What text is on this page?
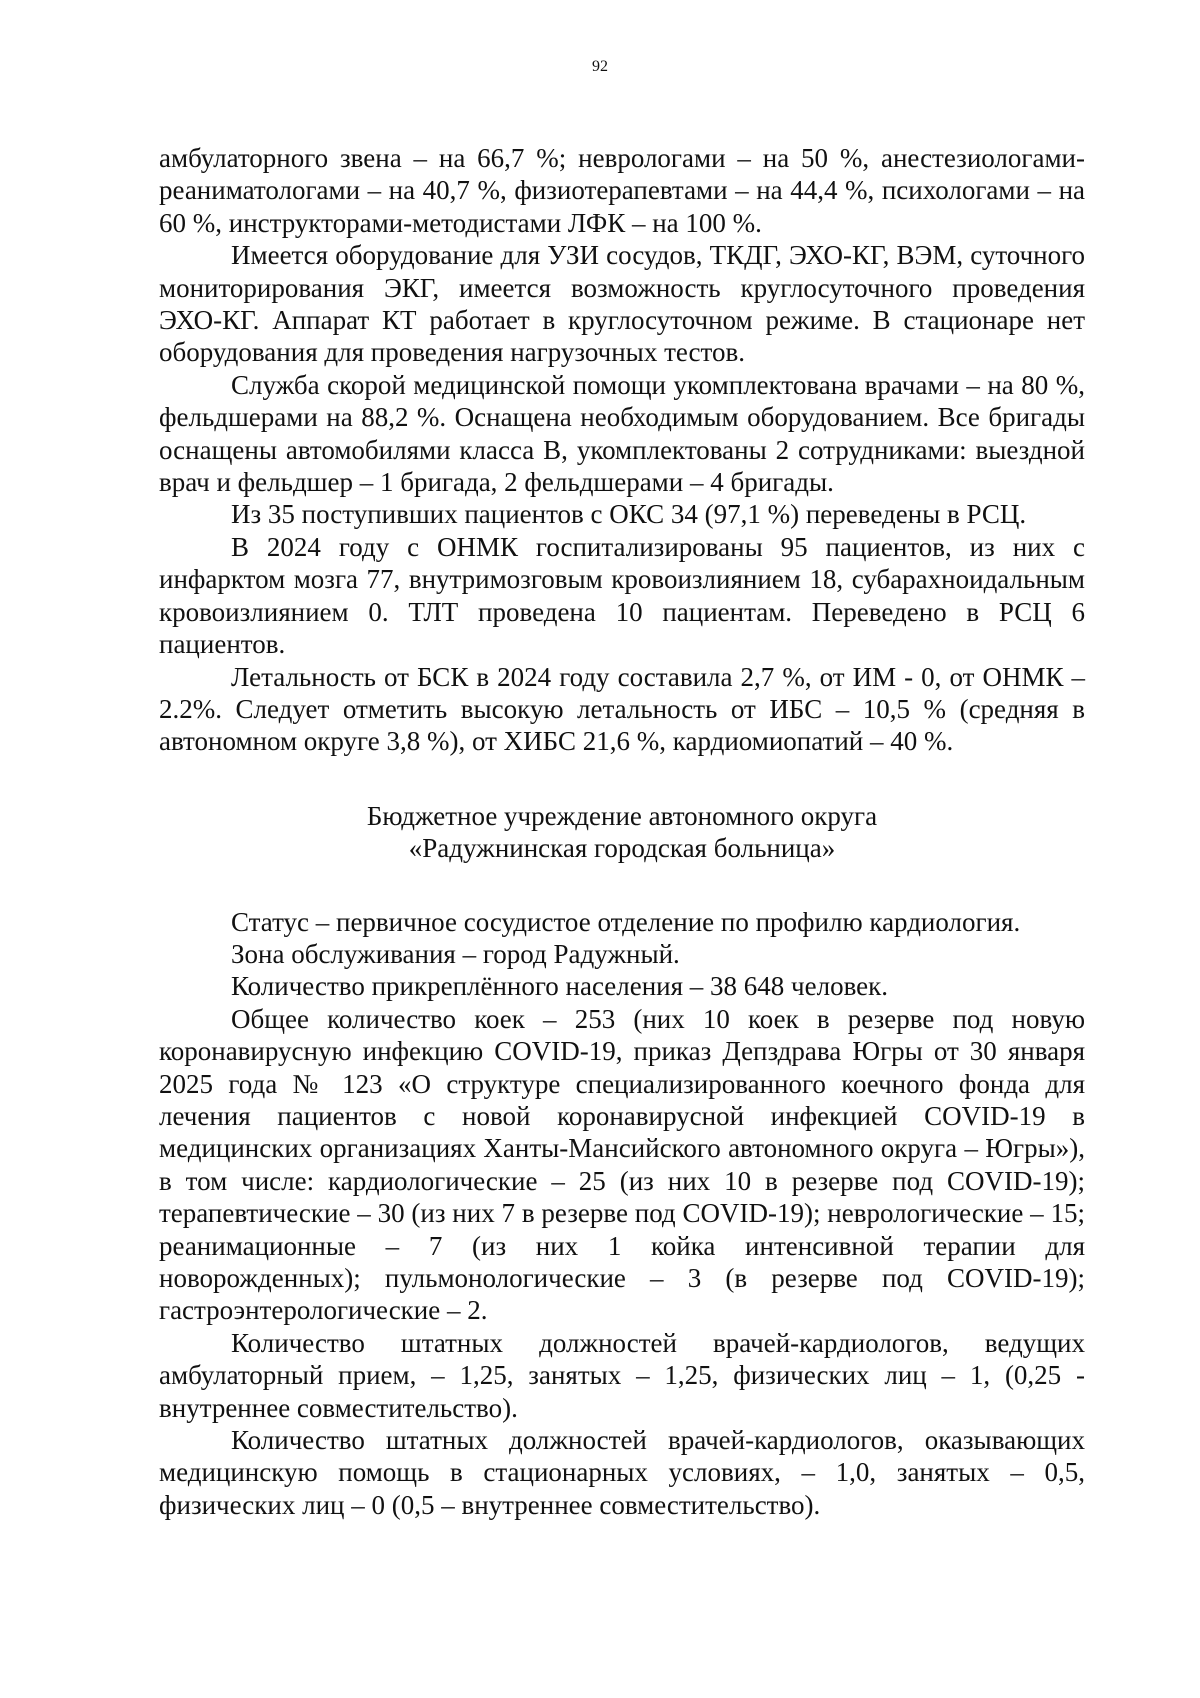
92

амбулаторного звена – на 66,7 %; неврологами – на 50 %, анестезиологами-реаниматологами – на 40,7 %, физиотерапевтами – на 44,4 %, психологами – на 60 %, инструкторами-методистами ЛФК – на 100 %.

Имеется оборудование для УЗИ сосудов, ТКДГ, ЭХО-КГ, ВЭМ, суточного мониторирования ЭКГ, имеется возможность круглосуточного проведения ЭХО-КГ. Аппарат КТ работает в круглосуточном режиме. В стационаре нет оборудования для проведения нагрузочных тестов.

Служба скорой медицинской помощи укомплектована врачами – на 80 %, фельдшерами на 88,2 %. Оснащена необходимым оборудованием. Все бригады оснащены автомобилями класса B, укомплектованы 2 сотрудниками: выездной врач и фельдшер – 1 бригада, 2 фельдшерами – 4 бригады.

Из 35 поступивших пациентов с ОКС 34 (97,1 %) переведены в РСЦ.

В 2024 году с ОНМК госпитализированы 95 пациентов, из них с инфарктом мозга 77, внутримозговым кровоизлиянием 18, субарахноидальным кровоизлиянием 0. ТЛТ проведена 10 пациентам. Переведено в РСЦ 6 пациентов.

Летальность от БСК в 2024 году составила 2,7 %, от ИМ - 0, от ОНМК – 2.2%. Следует отметить высокую летальность от ИБС – 10,5 % (средняя в автономном округе 3,8 %), от ХИБС 21,6 %, кардиомиопатий – 40 %.

Бюджетное учреждение автономного округа

«Радужнинская городская больница»

Статус – первичное сосудистое отделение по профилю кардиология.

Зона обслуживания – город Радужный.

Количество прикреплённого населения – 38 648 человек.

Общее количество коек – 253 (них 10 коек в резерве под новую коронавирусную инфекцию COVID-19, приказ Депздрава Югры от 30 января 2025 года № 123 «О структуре специализированного коечного фонда для лечения пациентов с новой коронавирусной инфекцией COVID-19 в медицинских организациях Ханты-Мансийского автономного округа – Югры»), в том числе: кардиологические – 25 (из них 10 в резерве под COVID-19); терапевтические – 30 (из них 7 в резерве под COVID-19); неврологические – 15; реанимационные – 7 (из них 1 койка интенсивной терапии для новорожденных); пульмонологические – 3 (в резерве под COVID-19); гастроэнтерологические – 2.

Количество штатных должностей врачей-кардиологов, ведущих амбулаторный прием, – 1,25, занятых – 1,25, физических лиц – 1, (0,25 - внутреннее совместительство).

Количество штатных должностей врачей-кардиологов, оказывающих медицинскую помощь в стационарных условиях, – 1,0, занятых – 0,5, физических лиц – 0 (0,5 – внутреннее совместительство).
